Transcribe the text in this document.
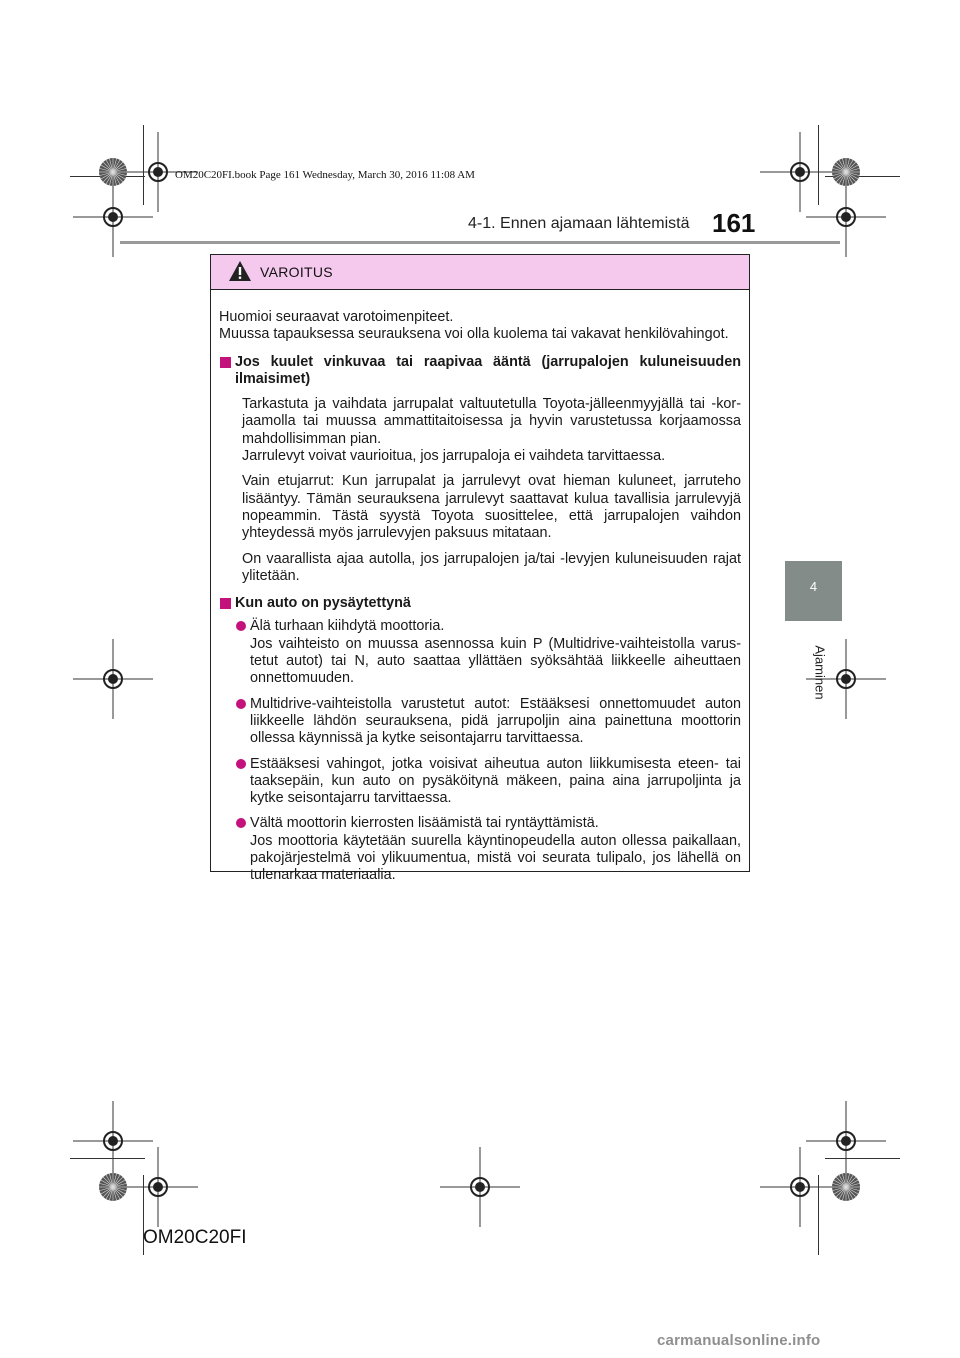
OM20C20FI.book Page 161 Wednesday, March 30, 2016 11:08 AM
4-1. Ennen ajamaan lähtemistä 161
4
Ajaminen
VAROITUS

Huomioi seuraavat varotoimenpiteet.

Muussa tapauksessa seurauksena voi olla kuolema tai vakavat henkilövahingot.

Jos kuulet vinkuvaa tai raapivaa ääntä (jarrupalojen kuluneisuuden ilmaisimet)

Tarkastuta ja vaihdata jarrupalat valtuutetulla Toyota-jälleenmyyjällä tai -kor- jaamolla tai muussa ammattitaitoisessa ja hyvin varustetussa korjaamossa mahdollisimman pian.

Jarrulevyt voivat vaurioitua, jos jarrupaloja ei vaihdeta tarvittaessa.

Vain etujarrut: Kun jarrupalat ja jarrulevyt ovat hieman kuluneet, jarruteho lisääntyy. Tämän seurauksena jarrulevyt saattavat kulua tavallisia jarrulevyjä nopeammin. Tästä syystä Toyota suosittelee, että jarrupalojen vaihdon yhteydessä myös jarrulevyjen paksuus mitataan.

On vaarallista ajaa autolla, jos jarrupalojen ja/tai -levyjen kuluneisuuden rajat ylitetään.

Kun auto on pysäytettynä
Älä turhaan kiihdytä moottoria.
Jos vaihteisto on muussa asennossa kuin P (Multidrive-vaihteistolla varus- tetut autot) tai N, auto saattaa yllättäen syöksähtää liikkeelle aiheuttaen onnettomuuden.
Multidrive-vaihteistolla varustetut autot: Estääksesi onnettomuudet auton liikkeelle lähdön seurauksena, pidä jarrupoljin aina painettuna moottorin ollessa käynnissä ja kytke seisontajarru tarvittaessa.
Estääksesi vahingot, jotka voisivat aiheutua auton liikkumisesta eteen- tai taaksepäin, kun auto on pysäköitynä mäkeen, paina aina jarrupoljinta ja kytke seisontajarru tarvittaessa.
Vältä moottorin kierrosten lisäämistä tai ryntäyttämistä.
Jos moottoria käytetään suurella käyntinopeudella auton ollessa paikallaan, pakojärjestelmä voi ylikuumentua, mistä voi seurata tulipalo, jos lähellä on tulenarkaa materiaalia.
OM20C20FI
carmanualsonline.info
